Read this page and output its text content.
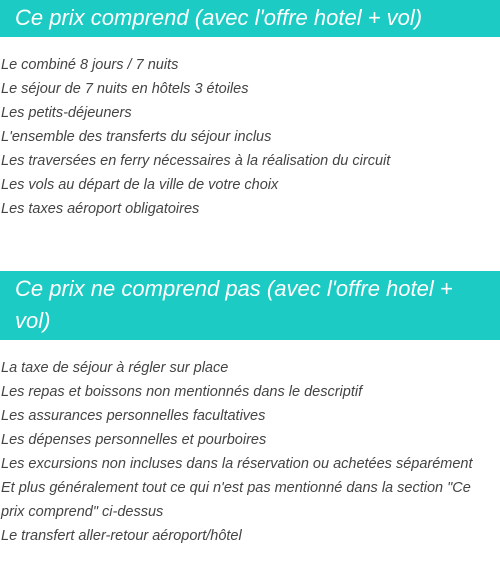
Ce prix comprend (avec l'offre hotel + vol)
Le combiné 8 jours / 7 nuits
Le séjour de 7 nuits en hôtels 3 étoiles
Les petits-déjeuners
L'ensemble des transferts du séjour inclus
Les traversées en ferry nécessaires à la réalisation du circuit
Les vols au départ de la ville de votre choix
Les taxes aéroport obligatoires
Ce prix ne comprend pas (avec l'offre hotel + vol)
La taxe de séjour à régler sur place
Les repas et boissons non mentionnés dans le descriptif
Les assurances personnelles facultatives
Les dépenses personnelles et pourboires
Les excursions non incluses dans la réservation ou achetées séparément
Et plus généralement tout ce qui n'est pas mentionné dans la section "Ce prix comprend" ci-dessus
Le transfert aller-retour aéroport/hôtel
